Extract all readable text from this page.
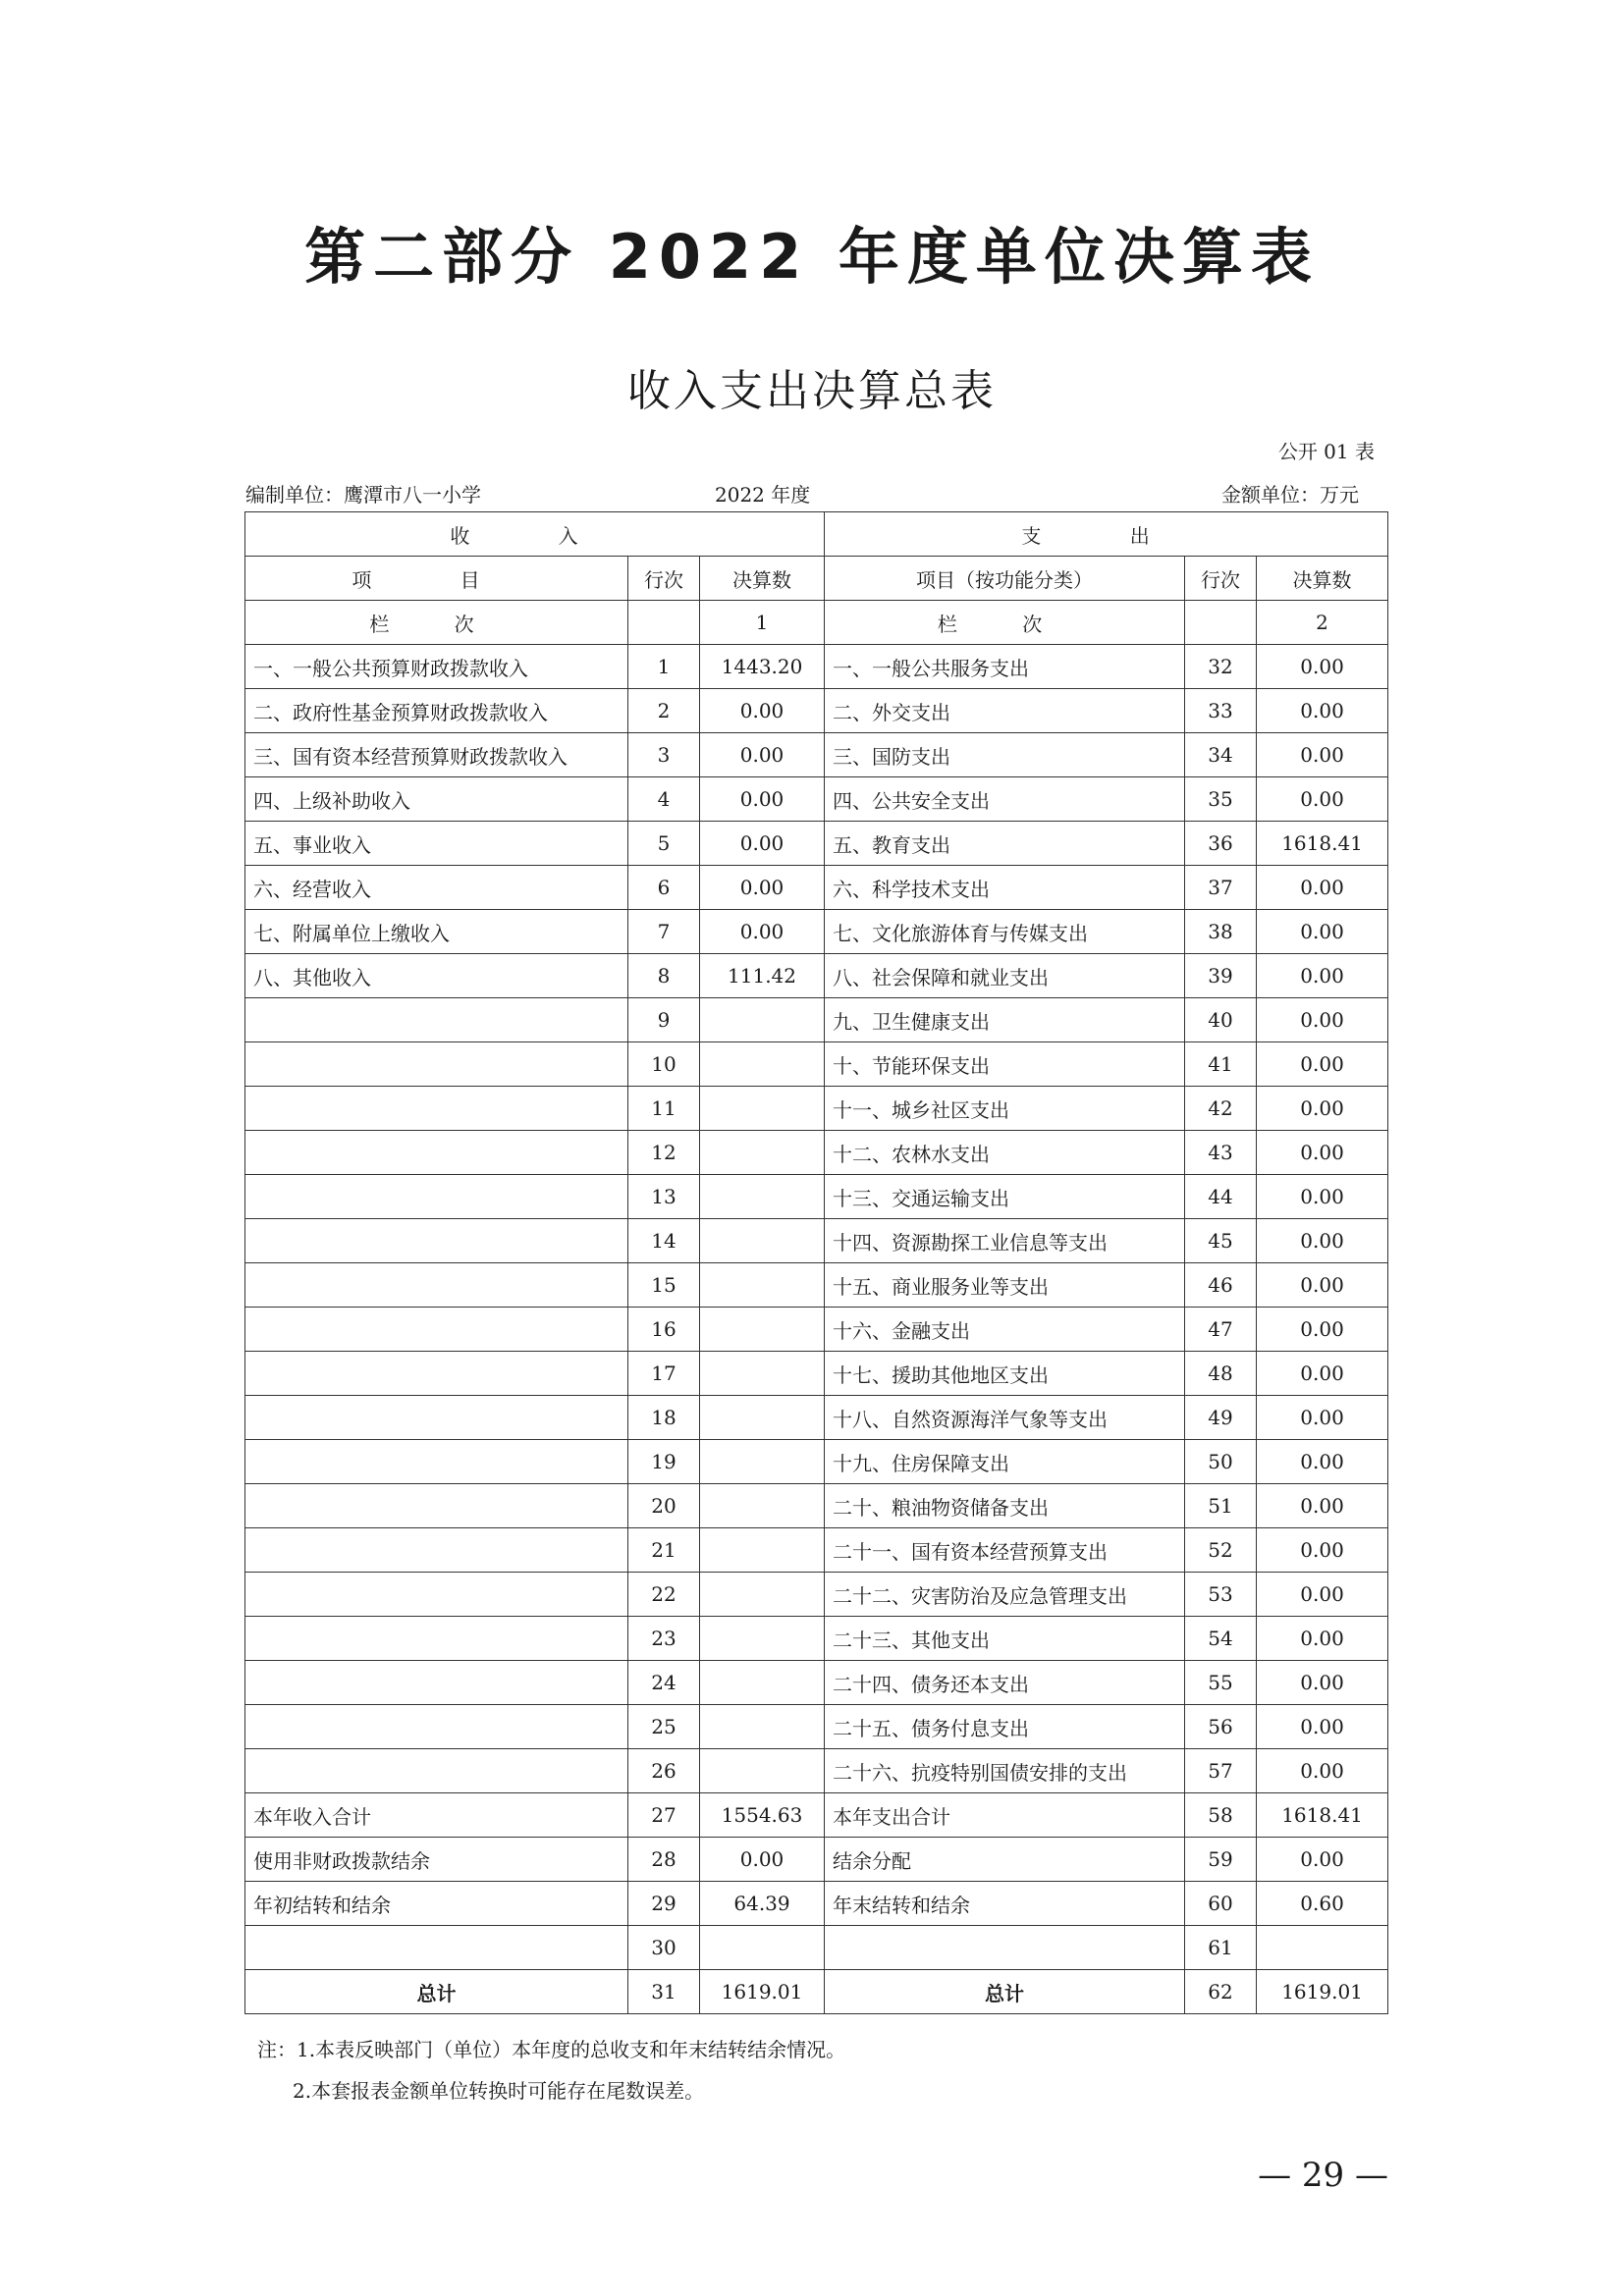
第二部分 2022 年度单位决算表
收入支出决算总表
公开 01 表
编制单位：鹰潭市八一小学	2022 年度	金额单位：万元
收 入			支 出		
项 目	行次	决算数	项目（按功能分类）	行次	决算数
栏 次		1	栏 次		2
一、一般公共预算财政拨款收入	1	1443.20	一、一般公共服务支出	32	0.00
二、政府性基金预算财政拨款收入	2	0.00	二、外交支出	33	0.00
三、国有资本经营预算财政拨款收入	3	0.00	三、国防支出	34	0.00
四、上级补助收入	4	0.00	四、公共安全支出	35	0.00
五、事业收入	5	0.00	五、教育支出	36	1618.41
六、经营收入	6	0.00	六、科学技术支出	37	0.00
七、附属单位上缴收入	7	0.00	七、文化旅游体育与传媒支出	38	0.00
八、其他收入	8	111.42	八、社会保障和就业支出	39	0.00
	9		九、卫生健康支出	40	0.00
	10		十、节能环保支出	41	0.00
	11		十一、城乡社区支出	42	0.00
	12		十二、农林水支出	43	0.00
	13		十三、交通运输支出	44	0.00
	14		十四、资源勘探工业信息等支出	45	0.00
	15		十五、商业服务业等支出	46	0.00
	16		十六、金融支出	47	0.00
	17		十七、援助其他地区支出	48	0.00
	18		十八、自然资源海洋气象等支出	49	0.00
	19		十九、住房保障支出	50	0.00
	20		二十、粮油物资储备支出	51	0.00
	21		二十一、国有资本经营预算支出	52	0.00
	22		二十二、灾害防治及应急管理支出	53	0.00
	23		二十三、其他支出	54	0.00
	24		二十四、债务还本支出	55	0.00
	25		二十五、债务付息支出	56	0.00
	26		二十六、抗疫特别国债安排的支出	57	0.00
本年收入合计	27	1554.63	本年支出合计	58	1618.41
使用非财政拨款结余	28	0.00	结余分配	59	0.00
年初结转和结余	29	64.39	年末结转和结余	60	0.60
	30			61	
总计	31	1619.01	总计	62	1619.01
注：1.本表反映部门（单位）本年度的总收支和年末结转结余情况。
2.本套报表金额单位转换时可能存在尾数误差。
— 29 —
